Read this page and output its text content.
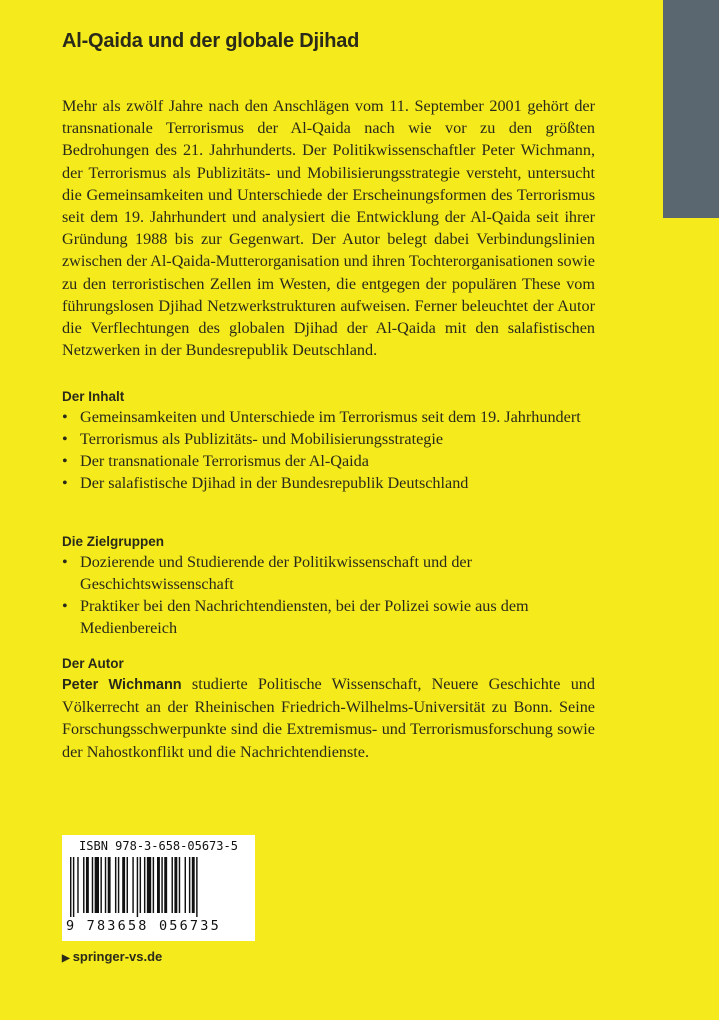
Al-Qaida und der globale Djihad

Mehr als zwölf Jahre nach den Anschlägen vom 11. September 2001 gehört der transnationale Terrorismus der Al-Qaida nach wie vor zu den größten Bedrohungen des 21. Jahrhunderts. Der Politikwissenschaftler Peter Wichmann, der Terrorismus als Publizitäts- und Mobilisierungsstrategie versteht, untersucht die Gemeinsamkeiten und Unterschiede der Erscheinungsformen des Terrorismus seit dem 19. Jahrhundert und analysiert die Entwicklung der Al-Qaida seit ihrer Gründung 1988 bis zur Gegenwart. Der Autor belegt dabei Verbindungslinien zwischen der Al-Qaida-Mutterorganisation und ihren Tochterorganisationen sowie zu den terroristischen Zellen im Westen, die entgegen der populären These vom führungslosen Djihad Netzwerkstrukturen aufweisen. Ferner beleuchtet der Autor die Verflechtungen des globalen Djihad der Al-Qaida mit den salafistischen Netzwerken in der Bundesrepublik Deutschland.

Der Inhalt
• Gemeinsamkeiten und Unterschiede im Terrorismus seit dem 19. Jahrhundert
• Terrorismus als Publizitäts- und Mobilisierungsstrategie
• Der transnationale Terrorismus der Al-Qaida
• Der salafistische Djihad in der Bundesrepublik Deutschland
Die Zielgruppen
• Dozierende und Studierende der Politikwissenschaft und der Geschichtswissenschaft
• Praktiker bei den Nachrichtendiensten, bei der Polizei sowie aus dem Medienbereich
Der Autor

Peter Wichmann studierte Politische Wissenschaft, Neuere Geschichte und Völkerrecht an der Rheinischen Friedrich-Wilhelms-Universität zu Bonn. Seine Forschungsschwerpunkte sind die Extremismus- und Terrorismusforschung sowie der Nahostkonflikt und die Nachrichtendienste.

ISBN 978-3-658-05673-5
9 783658 056735
▶ springer-vs.de
